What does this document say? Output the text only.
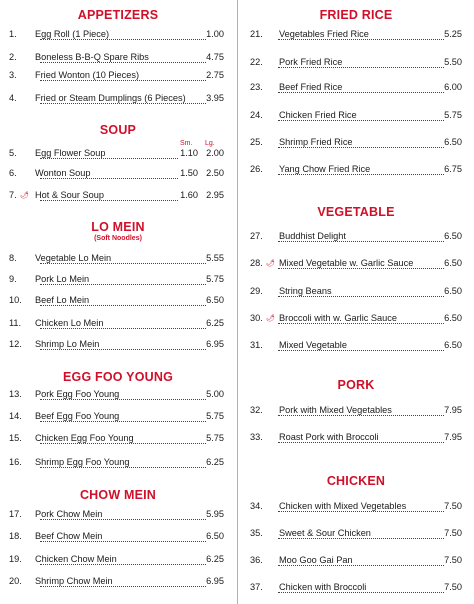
APPETIZERS
1. Egg Roll (1 Piece)	1.00
2. Boneless B-B-Q Spare Ribs	4.75
3. Fried Wonton (10 Pieces)	2.75
4. Fried or Steam Dumplings (6 Pieces) 3.95
SOUP
Sm. Lg.
5. Egg Flower Soup	1.10 2.00
6. Wonton Soup	1.50 2.50
7. 🌶︎ Hot & Sour Soup	1.60 2.95
LO MEIN
(Soft Noodles)
8. Vegetable Lo Mein	5.55
9. Pork Lo Mein	5.75
10. Beef Lo Mein	6.50
11. Chicken Lo Mein	6.25
12. Shrimp Lo Mein	6.95
EGG FOO YOUNG
13. Pork Egg Foo Young	5.00
14. Beef Egg Foo Young	5.75
15. Chicken Egg Foo Young	5.75
16. Shrimp Egg Foo Young	6.25
CHOW MEIN
17. Pork Chow Mein	5.95
18. Beef Chow Mein	6.50
19. Chicken Chow Mein	6.25
20. Shrimp Chow Mein	6.95
FRIED RICE
21. Vegetables Fried Rice	5.25
22. Pork Fried Rice	5.50
23. Beef Fried Rice	6.00
24. Chicken Fried Rice	5.75
25. Shrimp Fried Rice	6.50
26. Yang Chow Fried Rice	6.75
VEGETABLE
27. Buddhist Delight	6.50
28. 🌶︎ Mixed Vegetable w. Garlic Sauce	6.50
29. String Beans	6.50
30. 🌶︎ Broccoli with w. Garlic Sauce	6.50
31. Mixed Vegetable	6.50
PORK
32. Pork with Mixed Vegetables	7.95
33. Roast Pork with Broccoli	7.95
CHICKEN
34. Chicken with Mixed Vegetables	7.50
35. Sweet & Sour Chicken	7.50
36. Moo Goo Gai Pan	7.50
37. Chicken with Broccoli	7.50
